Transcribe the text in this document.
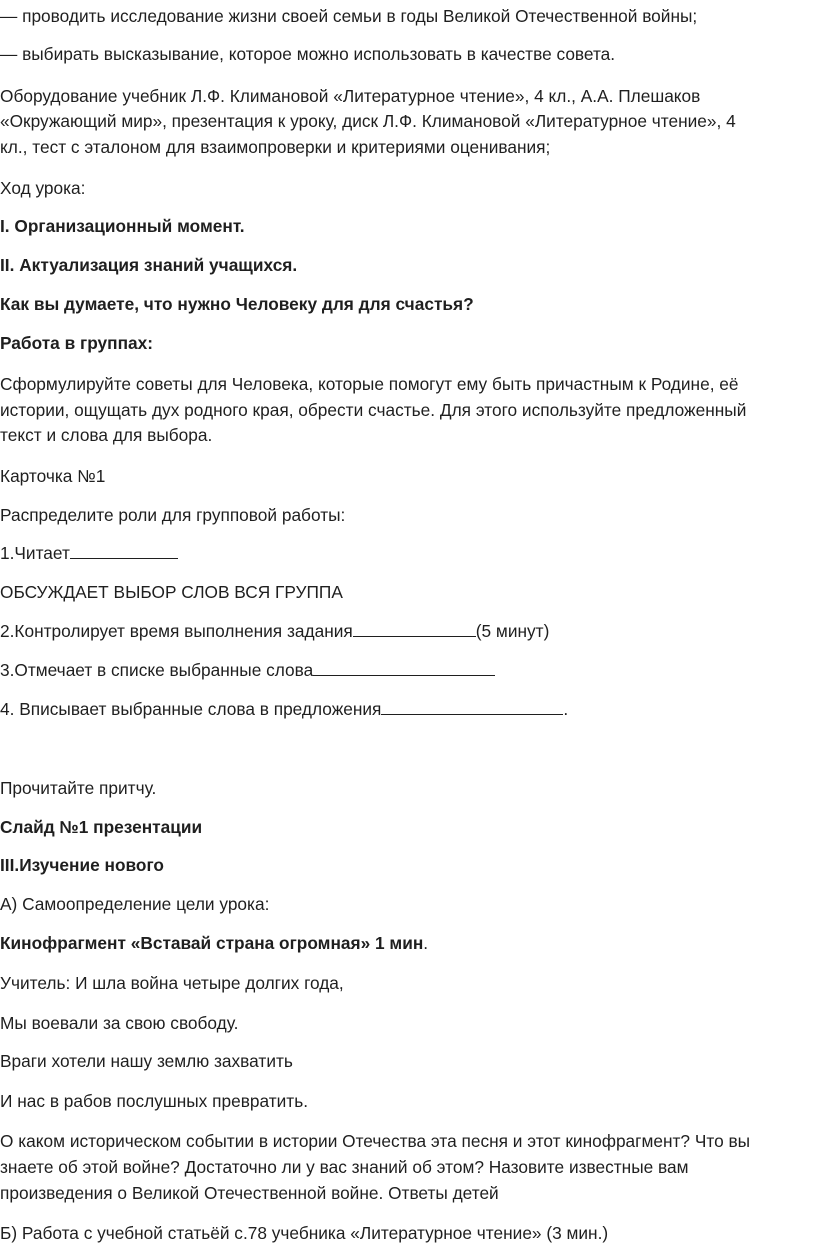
— проводить исследование жизни своей семьи в годы Великой Отечественной войны;

— выбирать высказывание, которое можно использовать в качестве совета.

Оборудование учебник Л.Ф. Климановой «Литературное чтение», 4 кл., А.А. Плешаков

«Окружающий мир», презентация к уроку, диск Л.Ф. Климановой «Литературное чтение», 4

кл., тест с эталоном для взаимопроверки и критериями оценивания;

Ход урока:

I. Организационный момент.

II. Актуализация знаний учащихся.

Как вы думаете, что нужно Человеку для для счастья?

Работа в группах:

Сформулируйте советы для Человека, которые помогут ему быть причастным к Родине, её

истории, ощущать дух родного края, обрести счастье. Для этого используйте предложенный

текст и слова для выбора.

Карточка №1

Распределите роли для групповой работы:

1.Читает

ОБСУЖДАЕТ ВЫБОР СЛОВ ВСЯ ГРУППА

2.Контролирует время выполнения задания	(5 минут)

3.Отмечает в списке выбранные слова

4. Вписывает выбранные слова в предложения	.

Прочитайте притчу.

Слайд №1 презентации

III.Изучение нового

А) Самоопределение цели урока:

Кинофрагмент «Вставай страна огромная» 1 мин.

Учитель: И шла война четыре долгих года,

Мы воевали за свою свободу.

Враги хотели нашу землю захватить

И нас в рабов послушных превратить.

О каком историческом событии в истории Отечества эта песня и этот кинофрагмент? Что вы

знаете об этой войне? Достаточно ли у вас знаний об этом? Назовите известные вам

произведения о Великой Отечественной войне. Ответы детей

Б) Работа с учебной статьёй с.78 учебника «Литературное чтение» (3 мин.)
